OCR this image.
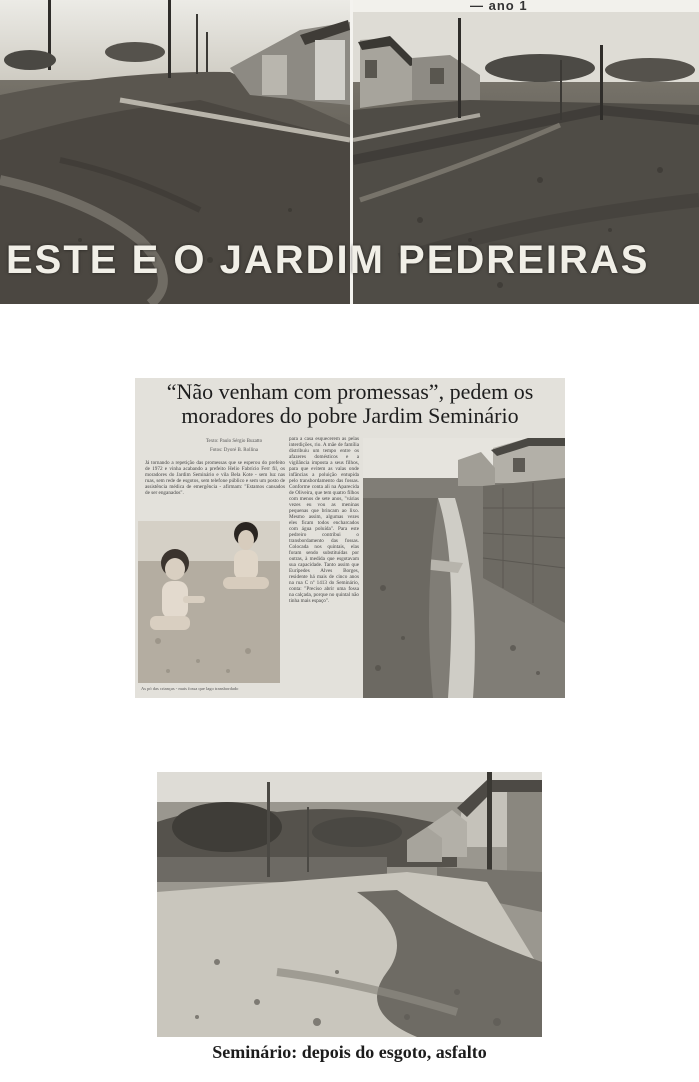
— ano 1
ESTE E O JARDIM PEDREIRAS
“Não venham com promessas”, pedem os moradores do pobre Jardim Seminário
Texto: Paulo Sérgio Buzatto
Fotos: Dyoré B. Rollina
Já tornando a repetição das promessas que se esperou do prefeito de 1972 e vinha acabando a prefeito Helio Fabrício Ferr fil, os moradores do Jardim Seminário e vila Bela Kote - sem luz nas ruas, sem rede de esgotos, sem telefone público e sem um posto de assistência médica de emergência - afirmam: "Estamos cansados de ser enganados".
para a casa esquecerem as pelas interdições, rio. A mãe de família distribuiu um tempo entre os afazeres domésticos e a vigilância imposta a seus filhos, para que evitem as valas onde infâncias a poluição entupida pelo transbordamento das fossas. Conforme conta ali na Aparecida de Oliveira, que tem quatro filhos com menos de sete anos, "várias vezes eu vou as meninas pequenas que brincam ao lixo. Mesmo assim, algumas vezes eles ficam todos encharcados com água poluída". Para este pedreiro contribui o transbordamento das fossas. Colocada nos quintais, elas foram sendo substituídas por outras, à medida que esgotavam sua capacidade. Tanto assim que Eurípedes Alves Borges, residente há mais de cinco anos na rua C nº 1413 do Seminário, conta: "Preciso abrir uma fossa na calçada, porque no quintal não tinha mais espaço".
As pó das crianças - mais fossa que lago transbordado
Seminário: depois do esgoto, asfalto
